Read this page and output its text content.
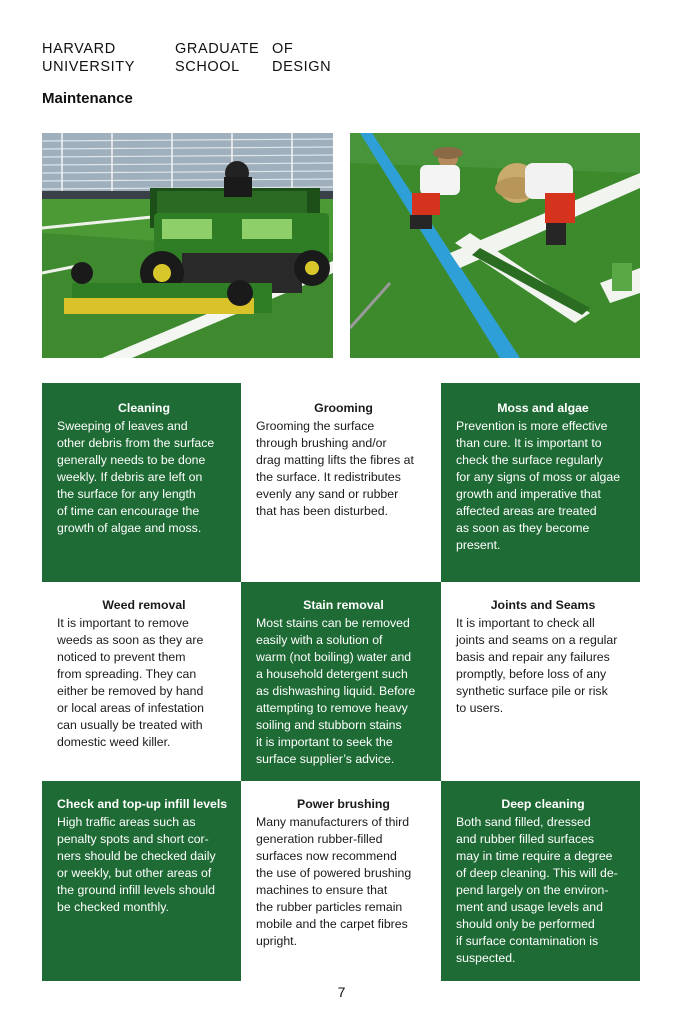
HARVARD	GRADUATE OF
UNIVERSITY	SCHOOL	DESIGN
Maintenance
Cleaning
Sweeping of leaves and
other debris from the surface
generally needs to be done
weekly. If debris are left on
the surface for any length
of time can encourage the
growth of algae and moss.
Grooming
Grooming the surface
through brushing and/or
drag matting lifts the fibres at
the surface. It redistributes
evenly any sand or rubber
that has been disturbed.
Moss and algae
Prevention is more effective
than cure. It is important to
check the surface regularly
for any signs of moss or algae
growth and imperative that
affected areas are treated
as soon as they become
present.
Weed removal
It is important to remove
weeds as soon as they are
noticed to prevent them
from spreading. They can
either be removed by hand
or local areas of infestation
can usually be treated with
domestic weed killer.
Stain removal
Most stains can be removed
easily with a solution of
warm (not boiling) water and
a household detergent such
as dishwashing liquid. Before
attempting to remove heavy
soiling and stubborn stains
it is important to seek the
surface supplier’s advice.
Joints and Seams
It is important to check all
joints and seams on a regular
basis and repair any failures
promptly, before loss of any
synthetic surface pile or risk
to users.
Check and top-up infill levels
High traffic areas such as
penalty spots and short cor-
ners should be checked daily
or weekly, but other areas of
the ground infill levels should
be checked monthly.
Power brushing
Many manufacturers of third
generation rubber-filled
surfaces now recommend
the use of powered brushing
machines to ensure that
the rubber particles remain
mobile and the carpet fibres
upright.
Deep cleaning
Both sand filled, dressed
and rubber filled surfaces
may in time require a degree
of deep cleaning. This will de-
pend largely on the environ-
ment and usage levels and
should only be performed
if surface contamination is
suspected.
7
